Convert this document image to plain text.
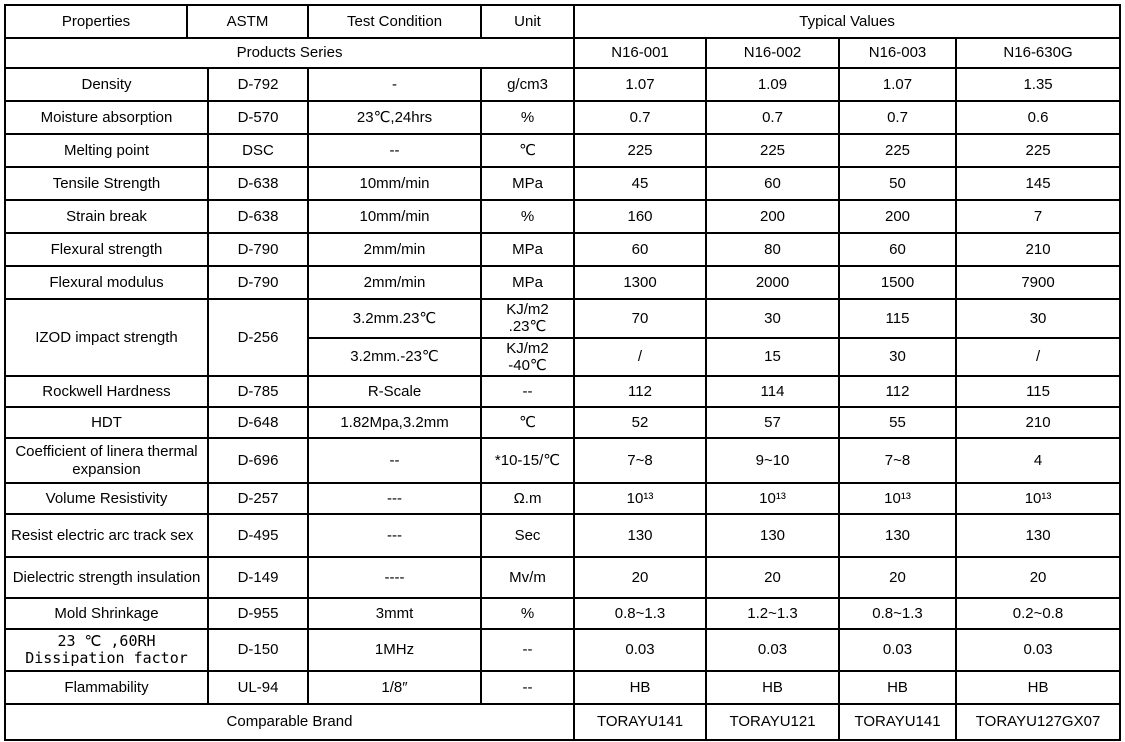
Properties	ASTM		Test Condition	Unit	Typical Values			
Products Series					N16-001	N16-002	N16-003	N16-630G
Density		D-792	-	g/cm3	1.07	1.09	1.07	1.35
Moisture absorption		D-570	23℃,24hrs	%	0.7	0.7	0.7	0.6
Melting point		DSC	--	℃	225	225	225	225
Tensile Strength		D-638	10mm/min	MPa	45	60	50	145
Strain break		D-638	10mm/min	%	160	200	200	7
Flexural strength		D-790	2mm/min	MPa	60	80	60	210
Flexural modulus		D-790	2mm/min	MPa	1300	2000	1500	7900
IZOD impact strength		D-256	3.2mm.23℃	KJ/m2 .23℃	70	30	115	30
			3.2mm.-23℃	KJ/m2 -40℃	/	15	30	/
Rockwell Hardness		D-785	R-Scale	--	112	114	112	115
HDT		D-648	1.82Mpa,3.2mm	℃	52	57	55	210
Coefficient of linera thermal expansion		D-696	--	*10-15/℃	7~8	9~10	7~8	4
Volume Resistivity		D-257	---	Ω.m	10¹³	10¹³	10¹³	10¹³
Resist electric arc track sex		D-495	---	Sec	130	130	130	130
Dielectric strength insulation		D-149	----	Mv/m	20	20	20	20
Mold Shrinkage		D-955	3mmt	%	0.8~1.3	1.2~1.3	0.8~1.3	0.2~0.8
23 ℃ ,60RH  Dissipation factor		D-150	1MHz	--	0.03	0.03	0.03	0.03
Flammability		UL-94	1/8″	--	HB	HB	HB	HB
Comparable Brand					TORAYU141	TORAYU121	TORAYU141	TORAYU127GX07
